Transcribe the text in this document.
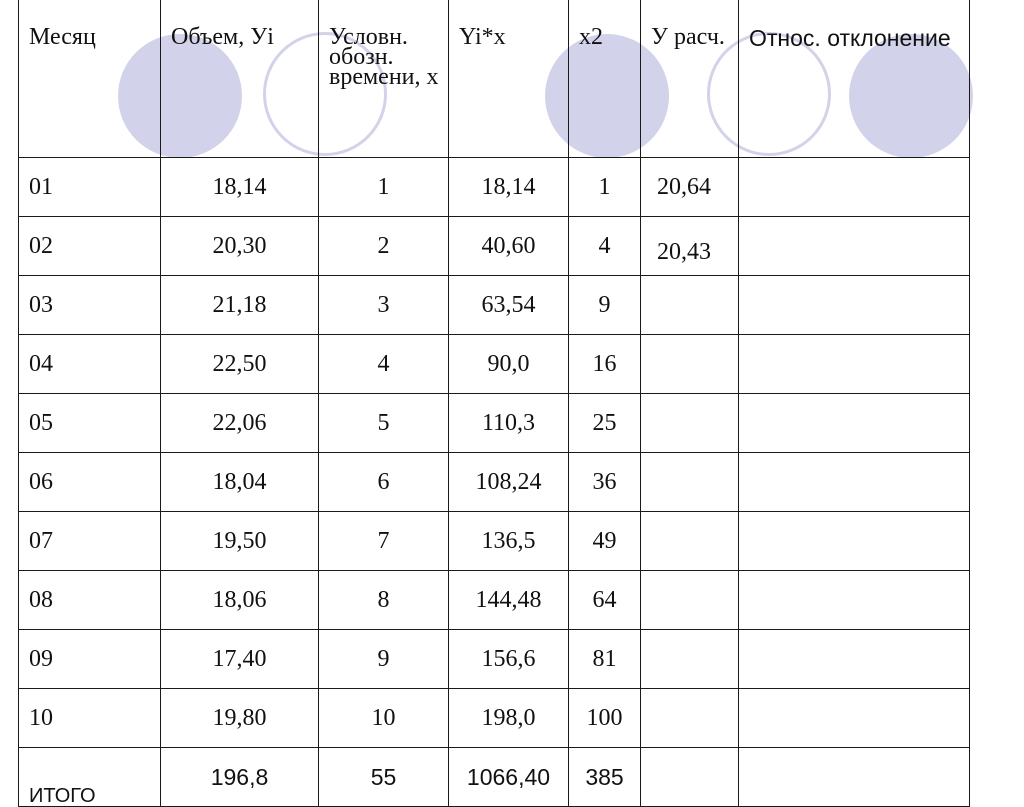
Месяц	Объем, Уi	Условн. обозн. времени, х	Yi*x	х2	У расч.	Относ. отклонение
01	18,14	1	18,14	1	20,64	
02	20,30	2	40,60	4	20,43	
03	21,18	3	63,54	9		
04	22,50	4	90,0	16		
05	22,06	5	110,3	25		
06	18,04	6	108,24	36		
07	19,50	7	136,5	49		
08	18,06	8	144,48	64		
09	17,40	9	156,6	81		
10	19,80	10	198,0	100		
ИТОГО	196,8	55	1066,40	385		
